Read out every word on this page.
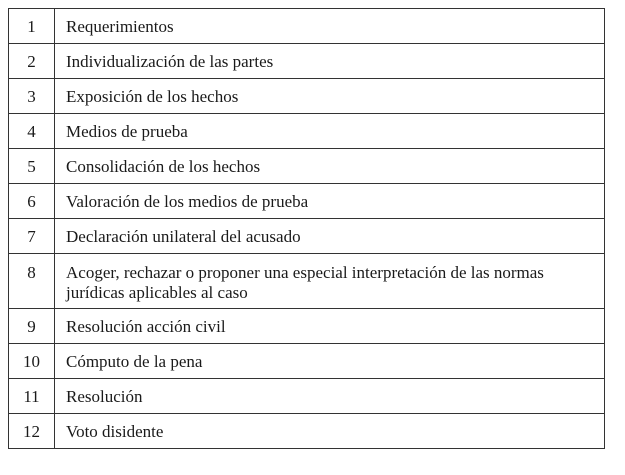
1	Requerimientos
2	Individualización de las partes
3	Exposición de los hechos
4	Medios de prueba
5	Consolidación de los hechos
6	Valoración de los medios de prueba
7	Declaración unilateral del acusado
8	Acoger, rechazar o proponer una especial interpretación de las normas jurídicas aplicables al caso
9	Resolución acción civil
10	Cómputo de la pena
11	Resolución
12	Voto disidente
